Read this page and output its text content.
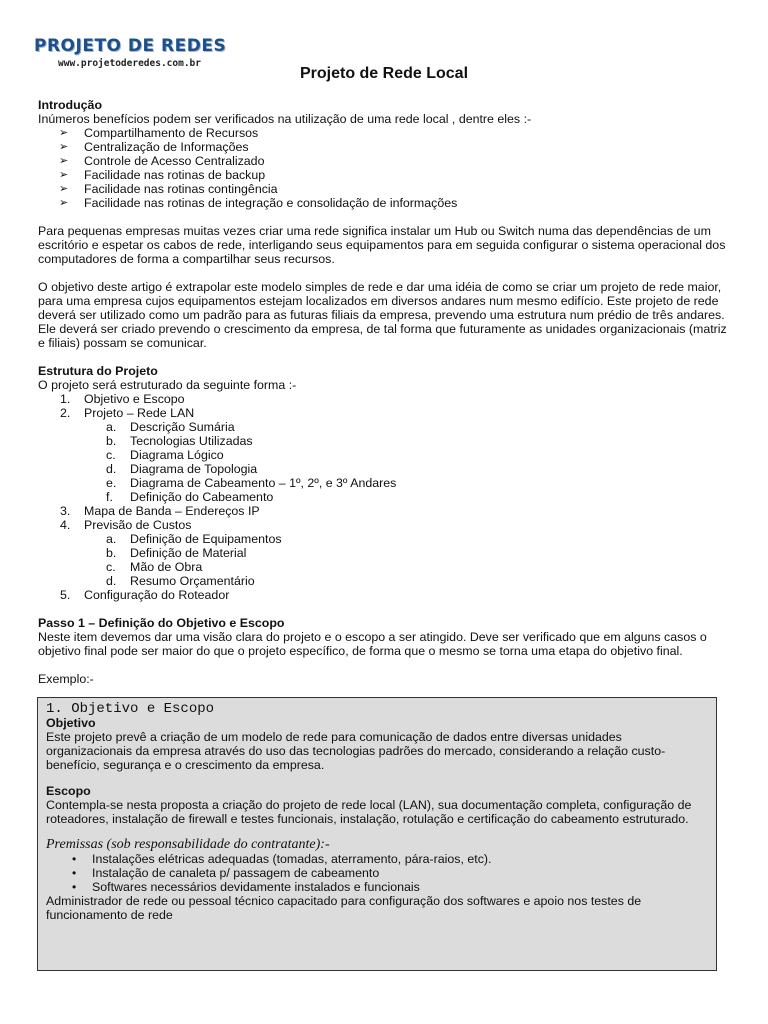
PROJETO DE REDES
www.projetoderedes.com.br
Projeto de Rede Local

Introdução

Inúmeros benefícios podem ser verificados na utilização de uma rede local , dentre eles :-

➢ Compartilhamento de Recursos
➢ Centralização de Informações
➢ Controle de Acesso Centralizado
➢ Facilidade nas rotinas de backup
➢ Facilidade nas rotinas contingência
➢ Facilidade nas rotinas de integração e consolidação de informações

Para pequenas empresas muitas vezes criar uma rede significa instalar um Hub ou Switch numa das dependências de um escritório e espetar os cabos de rede, interligando seus equipamentos para em seguida configurar o sistema operacional dos computadores de forma a compartilhar seus recursos.

O objetivo deste artigo é extrapolar este modelo simples de rede e dar uma idéia de como se criar um projeto de rede maior, para uma empresa cujos equipamentos estejam localizados em diversos andares num mesmo edifício. Este projeto de rede deverá ser utilizado como um padrão para as futuras filiais da empresa, prevendo uma estrutura num prédio de três andares. Ele deverá ser criado prevendo o crescimento da empresa, de tal forma que futuramente as unidades organizacionais (matriz e filiais) possam se comunicar.

Estrutura do Projeto

O projeto será estruturado da seguinte forma :-

1. Objetivo e Escopo
2. Projeto – Rede LAN
a. Descrição Sumária
b. Tecnologias Utilizadas
c. Diagrama Lógico
d. Diagrama de Topologia
e. Diagrama de Cabeamento – 1º, 2º, e 3º Andares
f. Definição do Cabeamento
3. Mapa de Banda – Endereços IP
4. Previsão de Custos
a. Definição de Equipamentos
b. Definição de Material
c. Mão de Obra
d. Resumo Orçamentário
5. Configuração do Roteador

Passo 1 – Definição do Objetivo e Escopo

Neste item devemos dar uma visão clara do projeto e o escopo a ser atingido. Deve ser verificado que em alguns casos o objetivo final pode ser maior do que o projeto específico, de forma que o mesmo se torna uma etapa do objetivo final.

Exemplo:-

1. Objetivo e Escopo

Objetivo

Este projeto prevê a criação de um modelo de rede para comunicação de dados entre diversas unidades organizacionais da empresa através do uso das tecnologias padrões do mercado, considerando a relação custo-benefício, segurança e o crescimento da empresa.

Escopo

Contempla-se nesta proposta a criação do projeto de rede local (LAN), sua documentação completa, configuração de roteadores, instalação de firewall e testes funcionais, instalação, rotulação e certificação do cabeamento estruturado.

Premissas (sob responsabilidade do contratante):-

• Instalações elétricas adequadas (tomadas, aterramento, pára-raios, etc).
• Instalação de canaleta p/ passagem de cabeamento
• Softwares necessários devidamente instalados e funcionais

Administrador de rede ou pessoal técnico capacitado para configuração dos softwares e apoio nos testes de funcionamento de rede
